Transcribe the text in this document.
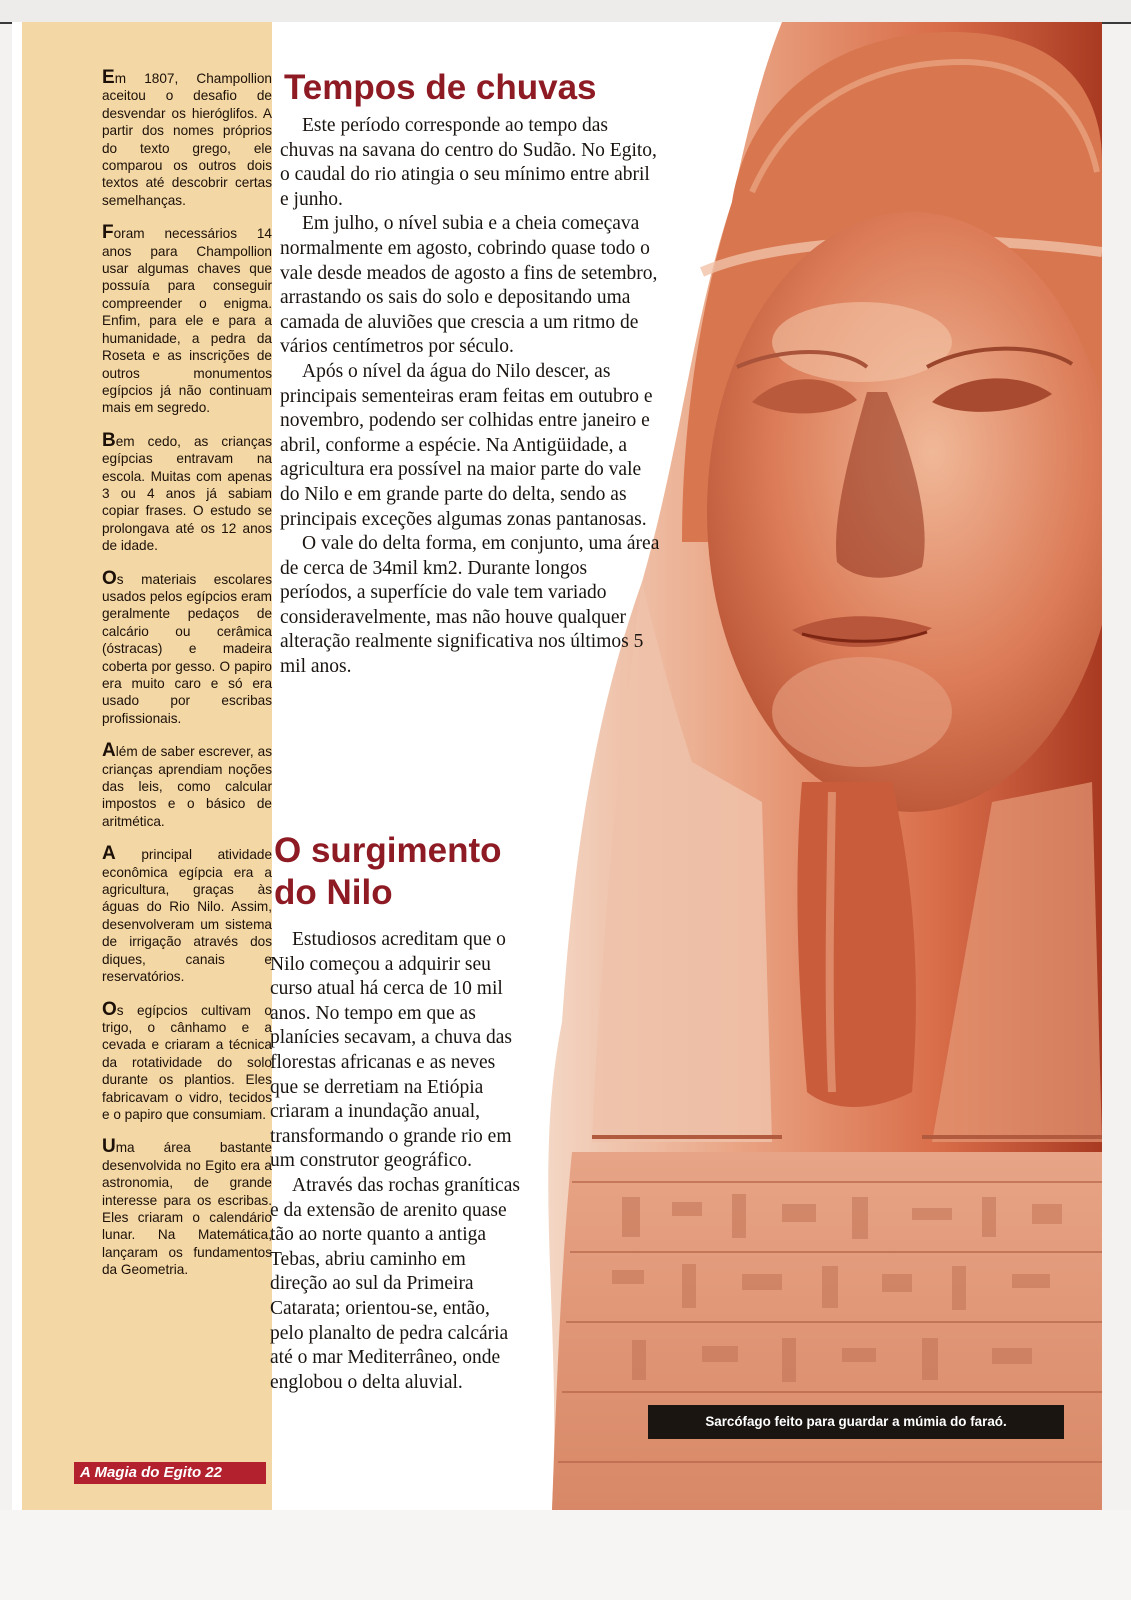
Em 1807, Champollion aceitou o desafio de desvendar os hieróglifos. A partir dos nomes próprios do texto grego, ele comparou os outros dois textos até descobrir certas semelhanças.

Foram necessários 14 anos para Champollion usar algumas chaves que possuía para conseguir compreender o enigma. Enfim, para ele e para a humanidade, a pedra da Roseta e as inscrições de outros monumentos egípcios já não continuam mais em segredo.

Bem cedo, as crianças egípcias entravam na escola. Muitas com apenas 3 ou 4 anos já sabiam copiar frases. O estudo se prolongava até os 12 anos de idade.

Os materiais escolares usados pelos egípcios eram geralmente pedaços de calcário ou cerâmica (óstracas) e madeira coberta por gesso. O papiro era muito caro e só era usado por escribas profissionais.

Além de saber escrever, as crianças aprendiam noções das leis, como calcular impostos e o básico de aritmética.

A principal atividade econômica egípcia era a agricultura, graças às águas do Rio Nilo. Assim, desenvolveram um sistema de irrigação através dos diques, canais e reservatórios.

Os egípcios cultivam o trigo, o cânhamo e a cevada e criaram a técnica da rotatividade do solo durante os plantios. Eles fabricavam o vidro, tecidos e o papiro que consumiam.

Uma área bastante desenvolvida no Egito era a astronomia, de grande interesse para os escribas. Eles criaram o calendário lunar. Na Matemática, lançaram os fundamentos da Geometria.

A Magia do Egito 22
Tempos de chuvas

Este período corresponde ao tempo das chuvas na savana do centro do Sudão. No Egito, o caudal do rio atingia o seu mínimo entre abril e junho.

Em julho, o nível subia e a cheia começava normalmente em agosto, cobrindo quase todo o vale desde meados de agosto a fins de setembro, arrastando os sais do solo e depositando uma camada de aluviões que crescia a um ritmo de vários centímetros por século.

Após o nível da água do Nilo descer, as principais sementeiras eram feitas em outubro e novembro, podendo ser colhidas entre janeiro e abril, conforme a espécie. Na Antigüidade, a agricultura era possível na maior parte do vale do Nilo e em grande parte do delta, sendo as principais exceções algumas zonas pantanosas.

O vale do delta forma, em conjunto, uma área de cerca de 34mil km2. Durante longos períodos, a superfície do vale tem variado consideravelmente, mas não houve qualquer alteração realmente significativa nos últimos 5 mil anos.

O surgimento
do Nilo

Estudiosos acreditam que o Nilo começou a adquirir seu curso atual há cerca de 10 mil anos. No tempo em que as planícies secavam, a chuva das florestas africanas e as neves que se derretiam na Etiópia criaram a inundação anual, transformando o grande rio em um construtor geográfico.

Através das rochas graníticas e da extensão de arenito quase tão ao norte quanto a antiga Tebas, abriu caminho em direção ao sul da Primeira Catarata; orientou-se, então, pelo planalto de pedra calcária até o mar Mediterrâneo, onde englobou o delta aluvial.

Sarcófago feito para guardar a múmia do faraó.
